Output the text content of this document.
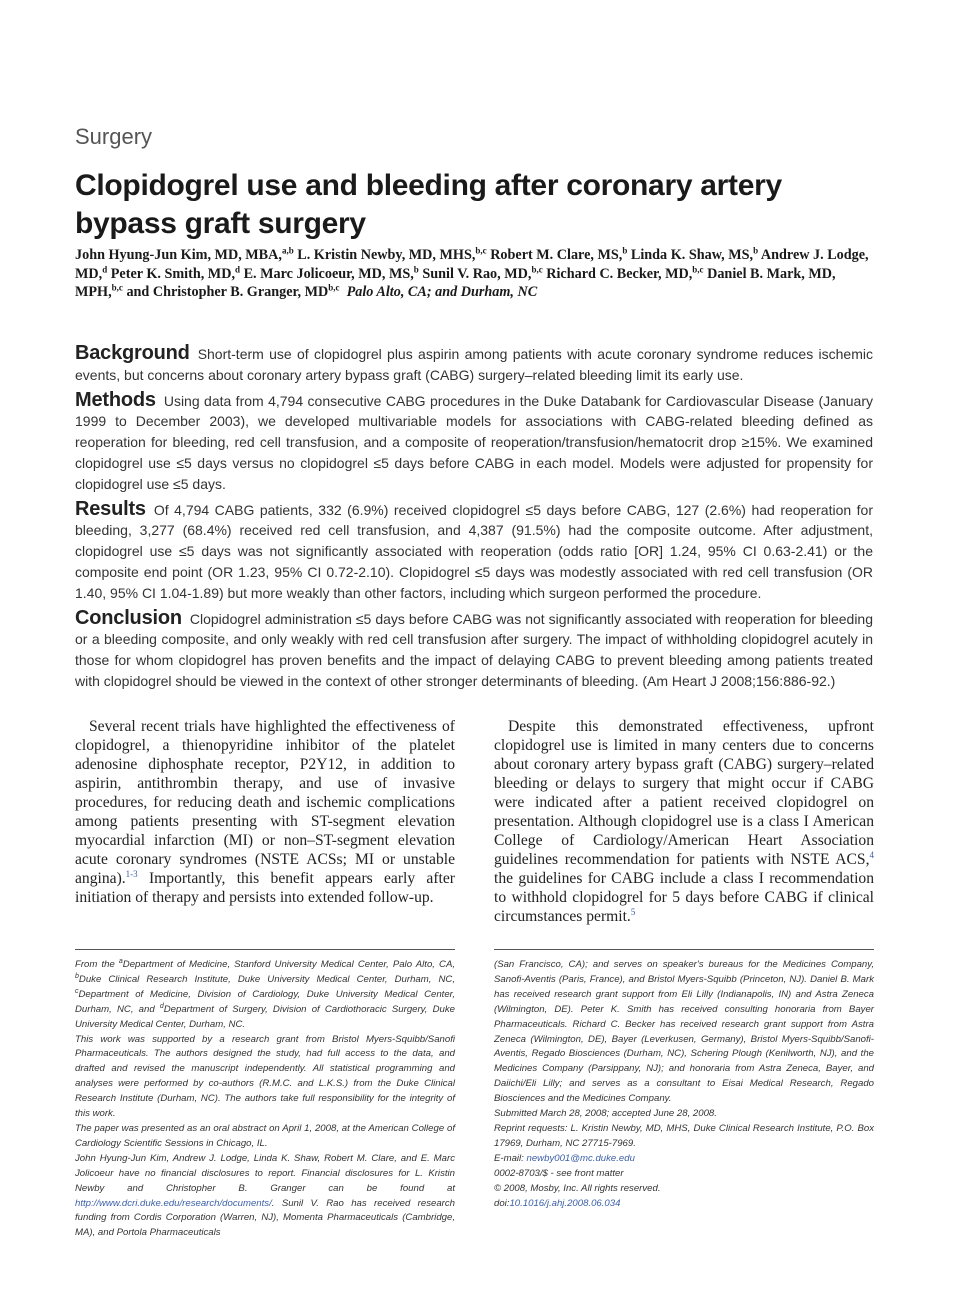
Surgery
Clopidogrel use and bleeding after coronary artery bypass graft surgery
John Hyung-Jun Kim, MD, MBA,$^{a,b}$ L. Kristin Newby, MD, MHS,$^{b,c}$ Robert M. Clare, MS,$^b$ Linda K. Shaw, MS,$^b$ Andrew J. Lodge, MD,$^d$ Peter K. Smith, MD,$^d$ E. Marc Jolicoeur, MD, MS,$^b$ Sunil V. Rao, MD,$^{b,c}$ Richard C. Becker, MD,$^{b,c}$ Daniel B. Mark, MD, MPH,$^{b,c}$ and Christopher B. Granger, MD$^{b,c}$ Palo Alto, CA; and Durham, NC

Background Short-term use of clopidogrel plus aspirin among patients with acute coronary syndrome reduces ischemic events, but concerns about coronary artery bypass graft (CABG) surgery–related bleeding limit its early use.

Methods Using data from 4,794 consecutive CABG procedures in the Duke Databank for Cardiovascular Disease (January 1999 to December 2003), we developed multivariable models for associations with CABG-related bleeding defined as reoperation for bleeding, red cell transfusion, and a composite of reoperation/transfusion/hematocrit drop ≥15%. We examined clopidogrel use ≤5 days versus no clopidogrel ≤5 days before CABG in each model. Models were adjusted for propensity for clopidogrel use ≤5 days.

Results Of 4,794 CABG patients, 332 (6.9%) received clopidogrel ≤5 days before CABG, 127 (2.6%) had reoperation for bleeding, 3,277 (68.4%) received red cell transfusion, and 4,387 (91.5%) had the composite outcome. After adjustment, clopidogrel use ≤5 days was not significantly associated with reoperation (odds ratio [OR] 1.24, 95% CI 0.63-2.41) or the composite end point (OR 1.23, 95% CI 0.72-2.10). Clopidogrel ≤5 days was modestly associated with red cell transfusion (OR 1.40, 95% CI 1.04-1.89) but more weakly than other factors, including which surgeon performed the procedure.

Conclusion Clopidogrel administration ≤5 days before CABG was not significantly associated with reoperation for bleeding or a bleeding composite, and only weakly with red cell transfusion after surgery. The impact of withholding clopidogrel acutely in those for whom clopidogrel has proven benefits and the impact of delaying CABG to prevent bleeding among patients treated with clopidogrel should be viewed in the context of other stronger determinants of bleeding. (Am Heart J 2008;156:886-92.)

Several recent trials have highlighted the effectiveness of clopidogrel, a thienopyridine inhibitor of the platelet adenosine diphosphate receptor, P2Y12, in addition to aspirin, antithrombin therapy, and use of invasive procedures, for reducing death and ischemic complications among patients presenting with ST-segment elevation myocardial infarction (MI) or non–ST-segment elevation acute coronary syndromes (NSTE ACSs; MI or unstable angina).$^{1-3}$ Importantly, this benefit appears early after initiation of therapy and persists into extended follow-up.

Despite this demonstrated effectiveness, upfront clopidogrel use is limited in many centers due to concerns about coronary artery bypass graft (CABG) surgery–related bleeding or delays to surgery that might occur if CABG were indicated after a patient received clopidogrel on presentation. Although clopidogrel use is a class I American College of Cardiology/American Heart Association guidelines recommendation for patients with NSTE ACS,$^4$ the guidelines for CABG include a class I recommendation to withhold clopidogrel for 5 days before CABG if clinical circumstances permit.$^5$

From the $^a$Department of Medicine, Stanford University Medical Center, Palo Alto, CA, $^b$Duke Clinical Research Institute, Duke University Medical Center, Durham, NC, $^c$Department of Medicine, Division of Cardiology, Duke University Medical Center, Durham, NC, and $^d$Department of Surgery, Division of Cardiothoracic Surgery, Duke University Medical Center, Durham, NC.

This work was supported by a research grant from Bristol Myers-Squibb/Sanofi Pharmaceuticals. The authors designed the study, had full access to the data, and drafted and revised the manuscript independently. All statistical programming and analyses were performed by co-authors (R.M.C. and L.K.S.) from the Duke Clinical Research Institute (Durham, NC). The authors take full responsibility for the integrity of this work.

The paper was presented as an oral abstract on April 1, 2008, at the American College of Cardiology Scientific Sessions in Chicago, IL.

John Hyung-Jun Kim, Andrew J. Lodge, Linda K. Shaw, Robert M. Clare, and E. Marc Jolicoeur have no financial disclosures to report. Financial disclosures for L. Kristin Newby and Christopher B. Granger can be found at http://www.dcri.duke.edu/research/documents/. Sunil V. Rao has received research funding from Cordis Corporation (Warren, NJ), Momenta Pharmaceuticals (Cambridge, MA), and Portola Pharmaceuticals

(San Francisco, CA); and serves on speaker's bureaus for the Medicines Company, Sanofi-Aventis (Paris, France), and Bristol Myers-Squibb (Princeton, NJ). Daniel B. Mark has received research grant support from Eli Lilly (Indianapolis, IN) and Astra Zeneca (Wilmington, DE). Peter K. Smith has received consulting honoraria from Bayer Pharmaceuticals. Richard C. Becker has received research grant support from Astra Zeneca (Wilmington, DE), Bayer (Leverkusen, Germany), Bristol Myers-Squibb/Sanofi-Aventis, Regado Biosciences (Durham, NC), Schering Plough (Kenilworth, NJ), and the Medicines Company (Parsippany, NJ); and honoraria from Astra Zeneca, Bayer, and Daiichi/Eli Lilly; and serves as a consultant to Eisai Medical Research, Regado Biosciences and the Medicines Company.

Submitted March 28, 2008; accepted June 28, 2008.

Reprint requests: L. Kristin Newby, MD, MHS, Duke Clinical Research Institute, P.O. Box 17969, Durham, NC 27715-7969.

E-mail: newby001@mc.duke.edu

0002-8703/$ - see front matter

© 2008, Mosby, Inc. All rights reserved.

doi:10.1016/j.ahj.2008.06.034
